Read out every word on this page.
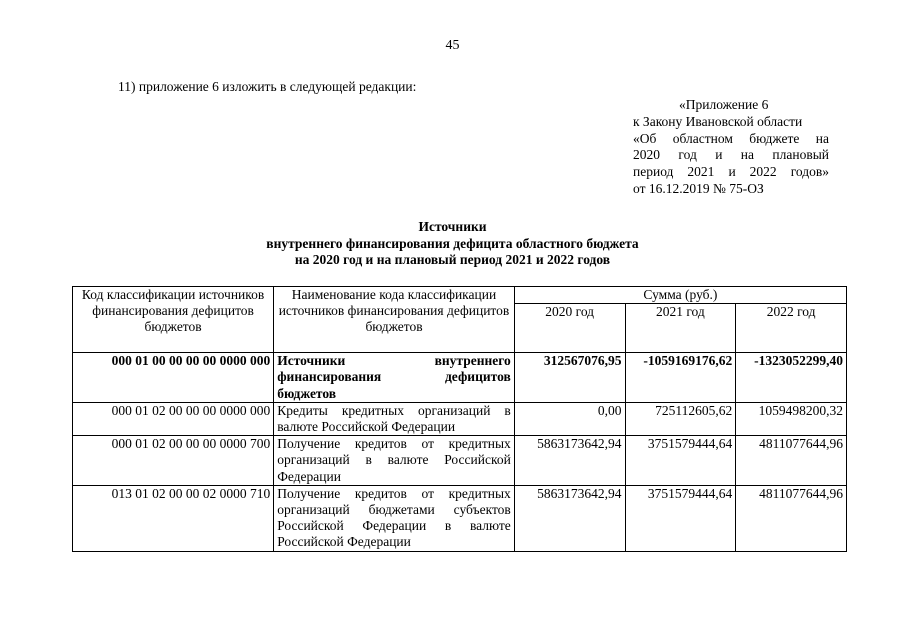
45
11) приложение 6 изложить в следующей редакции:
«Приложение 6
к Закону Ивановской области
«Об областном бюджете на
2020 год и на плановый
период 2021 и 2022 годов»
от 16.12.2019 № 75-ОЗ
Источники
внутреннего финансирования дефицита областного бюджета
на 2020 год и на плановый период 2021 и 2022 годов
Код классификации источников финансирования дефицитов бюджетов	Наименование кода классификации источников финансирования дефицитов бюджетов	Сумма (руб.)		
		2020 год	2021 год	2022 год
000 01 00 00 00 00 0000 000	Источники внутреннего финансирования дефицитов бюджетов	312567076,95	-1059169176,62	-1323052299,40
000 01 02 00 00 00 0000 000	Кредиты кредитных организаций в валюте Российской Федерации	0,00	725112605,62	1059498200,32
000 01 02 00 00 00 0000 700	Получение кредитов от кредитных организаций в валюте Российской Федерации	5863173642,94	3751579444,64	4811077644,96
013 01 02 00 00 02 0000 710	Получение кредитов от кредитных организаций бюджетами субъектов Российской Федерации в валюте Российской Федерации	5863173642,94	3751579444,64	4811077644,96
